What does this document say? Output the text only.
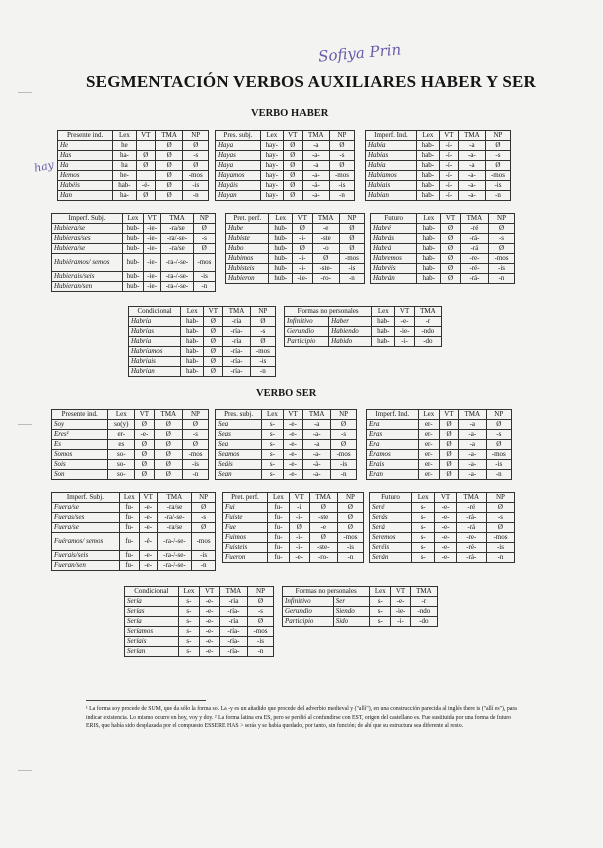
Sofiya Prin
hay
SEGMENTACIÓN VERBOS AUXILIARES HABER Y SER
VERBO HABER
VERBO SER
Presente ind.	Lex	VT	TMA	NP
He	he		Ø	Ø
Has	ha-	Ø	Ø	-s
Ha	ha	Ø	Ø	Ø
Hemos	he-		Ø	-mos
Habéis	hab-	-é-	Ø	-is
Han	ha-	Ø	Ø	-n
Pres. subj.	Lex	VT	TMA	NP
Haya	hay-	Ø	-a	Ø
Hayas	hay-	Ø	-a-	-s
Haya	hay-	Ø	-a	Ø
Hayamos	hay-	Ø	-a-	-mos
Hayáis	hay-	Ø	-á-	-is
Hayan	hay-	Ø	-a-	-n
Imperf. Ind.	Lex	VT	TMA	NP
Había	hab-	-í-	-a	Ø
Habías	hab-	-í-	-a-	-s
Había	hab-	-í-	-a	Ø
Habíamos	hab-	-í-	-a-	-mos
Habíais	hab-	-í-	-a-	-is
Habían	hab-	-í-	-a-	-n
Imperf. Subj.	Lex	VT	TMA	NP
Hubiera/se	hub-	-ie-	-ra/se	Ø
Hubieras/ses	hub-	-ie-	-ra/-se-	-s
Hubiera/se	hub-	-ie-	-ra/se	Ø
Hubiéramos/ semos	hub-	-ie-	-ra-/-se-	-mos
Hubierais/seis	hub-	-ie-	-ra-/-se-	-is
Hubieran/sen	hub-	-ie-	-ra-/-se-	-n
Pret. perf.	Lex	VT	TMA	NP
Hube	hub-	Ø	-e	Ø
Hubiste	hub-	-i-	-ste	Ø
Hubo	hub-	Ø	-o	Ø
Hubimos	hub-	-i-	Ø	-mos
Hubisteis	hub-	-i-	-ste-	-is
Hubieron	hub-	-ie-	-ro-	-n
Futuro	Lex	VT	TMA	NP
Habré	hab-	Ø	-ré	Ø
Habrás	hab-	Ø	-rá-	-s
Habrá	hab-	Ø	-rá	Ø
Habremos	hab-	Ø	-re-	-mos
Habréis	hab-	Ø	-ré-	-is
Habrán	hab-	Ø	-rá-	-n
Condicional	Lex	VT	TMA	NP
Habría	hab-	Ø	-ría	Ø
Habrías	hab-	Ø	-ría-	-s
Habría	hab-	Ø	-ría	Ø
Habríamos	hab-	Ø	-ría-	-mos
Habríais	hab-	Ø	-ría-	-is
Habrían	hab-	Ø	-ría-	-n
Formas no personales		Lex	VT	TMA
Infinitivo	Haber	hab-	-e-	-r
Gerundio	Habiendo	hab-	-ie-	-ndo
Participio	Habido	hab-	-i-	-do
Presente ind.	Lex	VT	TMA	NP
Soy	so(y)	Ø	Ø	Ø
Eres¹	er-	-e-	Ø	-s
Es	es	Ø	Ø	Ø
Somos	so-	Ø	Ø	-mos
Sois	so-	Ø	Ø	-is
Son	so-	Ø	Ø	-n
Pres. subj.	Lex	VT	TMA	NP
Sea	s-	-e-	-a	Ø
Seas	s-	-e-	-a-	-s
Sea	s-	-e-	-a	Ø
Seamos	s-	-e-	-a-	-mos
Seáis	s-	-e-	-á-	-is
Sean	s-	-e-	-a-	-n
Imperf. Ind.	Lex	VT	TMA	NP
Era	er-	Ø	-a	Ø
Eras	er-	Ø	-a-	-s
Era	er-	Ø	-a	Ø
Éramos	er-	Ø	-a-	-mos
Erais	er-	Ø	-a-	-is
Eran	er-	Ø	-a-	-n
Imperf. Subj.	Lex	VT	TMA	NP
Fuera/se	fu-	-e-	-ra/se	Ø
Fueras/ses	fu-	-e-	-ra/-se-	-s
Fuera/se	fu-	-e-	-ra/se	Ø
Fuéramos/ semos	fu-	-é-	-ra-/-se-	-mos
Fuerais/seis	fu-	-e-	-ra-/-se-	-is
Fueran/sen	fu-	-e-	-ra-/-se-	-n
Pret. perf.	Lex	VT	TMA	NP
Fui	fu-	-i	Ø	Ø
Fuiste	fu-	-i-	-ste	Ø
Fue	fu-	Ø	-e	Ø
Fuimos	fu-	-i-	Ø	-mos
Fuisteis	fu-	-i-	-ste-	-is
Fueron	fu-	-e-	-ro-	-n
Futuro	Lex	VT	TMA	NP
Seré	s-	-e-	-ré	Ø
Serás	s-	-e-	-rá-	-s
Será	s-	-e-	-rá	Ø
Seremos	s-	-e-	-re-	-mos
Seréis	s-	-e-	-ré-	-is
Serán	s-	-e-	-rá-	-n
Condicional	Lex	VT	TMA	NP
Sería	s-	-e-	-ría	Ø
Serías	s-	-e-	-ría-	-s
Sería	s-	-e-	-ría	Ø
Seríamos	s-	-e-	-ría-	-mos
Seríais	s-	-e-	-ría-	-is
Serían	s-	-e-	-ría-	-n
Formas no personales		Lex	VT	TMA
Infinitivo	Ser	s-	-e-	-r
Gerundio	Siendo	s-	-ie-	-ndo
Participio	Sido	s-	-i-	-do
¹ La forma soy procede de SUM, que da sólo la forma so. La -y es un añadido que procede del adverbio medieval y ("allí"), en una construcción parecida al inglés there is ("allí es"), para indicar existencia. Lo mismo ocurre en hoy, voy y doy. ² La forma latina era ES, pero se perdió al confundirse con EST, origen del castellano es. Fue sustituida por una forma de futuro ERIS, que había sido desplazada por el compuesto ESSERE HAS > serás y se había quedado, por tanto, sin función; de ahí que su estructura sea diferente al resto.
